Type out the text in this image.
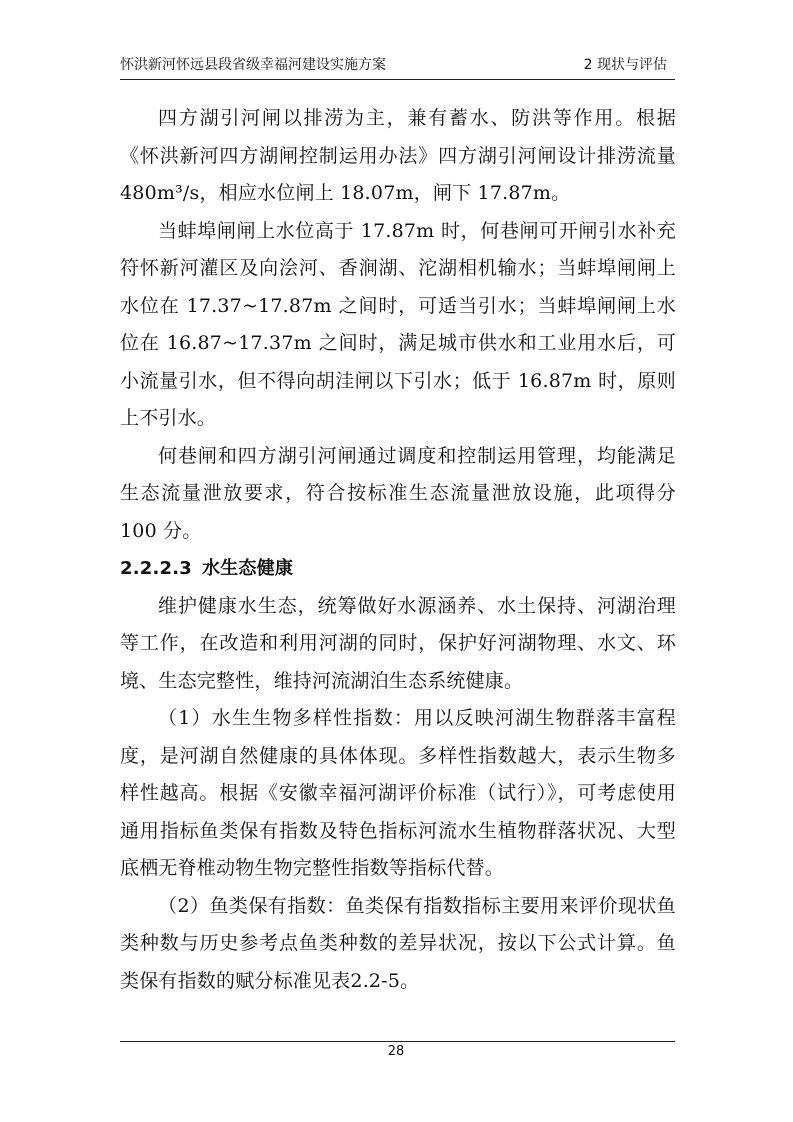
怀洪新河怀远县段省级幸福河建设实施方案	2 现状与评估

四方湖引河闸以排涝为主，兼有蓄水、防洪等作用。根据《怀洪新河四方湖闸控制运用办法》四方湖引河闸设计排涝流量480m³/s，相应水位闸上 18.07m，闸下 17.87m。

当蚌埠闸闸上水位高于 17.87m 时，何巷闸可开闸引水补充符怀新河灌区及向浍河、香涧湖、沱湖相机输水；当蚌埠闸闸上水位在 17.37~17.87m 之间时，可适当引水；当蚌埠闸闸上水位在 16.87~17.37m 之间时，满足城市供水和工业用水后，可小流量引水，但不得向胡洼闸以下引水；低于 16.87m 时，原则上不引水。

何巷闸和四方湖引河闸通过调度和控制运用管理，均能满足生态流量泄放要求，符合按标准生态流量泄放设施，此项得分 100 分。

2.2.2.3 水生态健康

维护健康水生态，统筹做好水源涵养、水土保持、河湖治理等工作，在改造和利用河湖的同时，保护好河湖物理、水文、环境、生态完整性，维持河流湖泊生态系统健康。

（1）水生生物多样性指数：用以反映河湖生物群落丰富程度，是河湖自然健康的具体体现。多样性指数越大，表示生物多样性越高。根据《安徽幸福河湖评价标准（试行）》，可考虑使用通用指标鱼类保有指数及特色指标河流水生植物群落状况、大型底栖无脊椎动物生物完整性指数等指标代替。

（2）鱼类保有指数：鱼类保有指数指标主要用来评价现状鱼类种数与历史参考点鱼类种数的差异状况，按以下公式计算。鱼类保有指数的赋分标准见表2.2-5。

28
